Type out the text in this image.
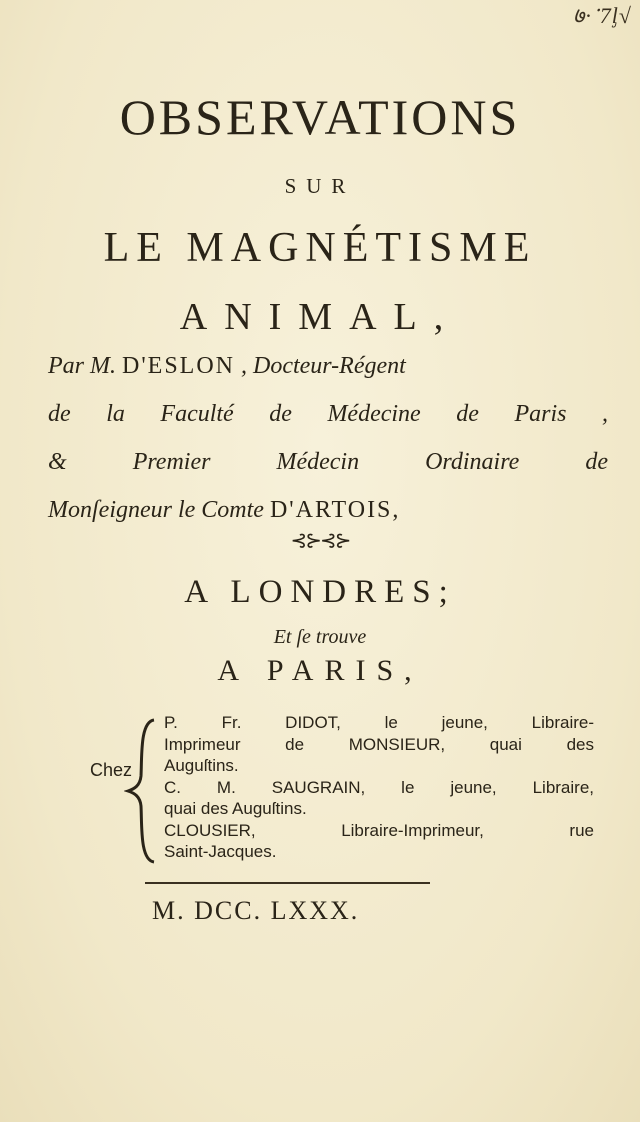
७·ॱ7ᶅ√
OBSERVATIONS
SUR
LE MAGNÉTISME
ANIMAL,
Par M. D'ESLON , Docteur-Régent
de la Faculté de Médecine de Paris ,
& Premier Médecin Ordinaire de
Monſeigneur le Comte D'ARTOIS,
⊰⊱⊰⊱
A LONDRES;
Et ſe trouve
A PARIS,
Chez
P. Fr. DIDOT, le jeune, Libraire-
Imprimeur de MONSIEUR, quai des
Auguſtins.
C. M. SAUGRAIN, le jeune, Libraire,
quai des Auguſtins.
CLOUSIER, Libraire-Imprimeur, rue
Saint-Jacques.
M. DCC. LXXX.
